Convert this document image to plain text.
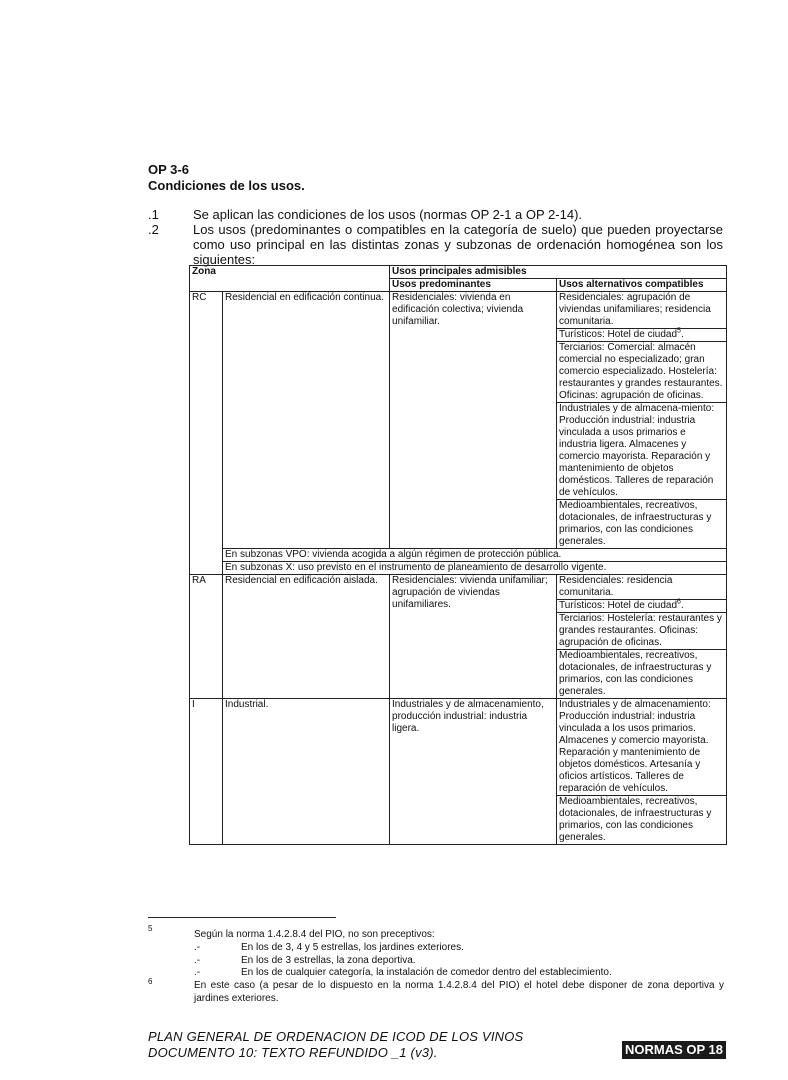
OP 3-6
Condiciones de los usos.
.1	Se aplican las condiciones de los usos (normas OP 2-1 a OP 2-14).
.2	Los usos (predominantes o compatibles en la categoría de suelo) que pueden proyectarse como uso principal en las distintas zonas y subzonas de ordenación homogénea son los siguientes:
Zona		Usos principales admisibles	
		Usos predominantes	Usos alternativos compatibles
RC	Residencial en edificación continua.	Residenciales: vivienda en edificación colectiva; vivienda unifamiliar.	Residenciales: agrupación de viviendas unifamiliares; residencia comunitaria.
			Turísticos: Hotel de ciudad$^5$.
			Terciarios: Comercial: almacén comercial no especializado; gran comercio especializado. Hostelería: restaurantes y grandes restaurantes. Oficinas: agrupación de oficinas.
			Industriales y de almacena-miento: Producción industrial: industria vinculada a usos primarios e industria ligera. Almacenes y comercio mayorista. Reparación y mantenimiento de objetos domésticos. Talleres de reparación de vehículos.
			Medioambientales, recreativos, dotacionales, de infraestructuras y primarios, con las condiciones generales.
	En subzonas VPO: vivienda acogida a algún régimen de protección pública.		
	En subzonas X: uso previsto en el instrumento de planeamiento de desarrollo vigente.		
RA	Residencial en edificación aislada.	Residenciales: vivienda unifamiliar; agrupación de viviendas unifamiliares.	Residenciales: residencia comunitaria.
			Turísticos: Hotel de ciudad$^6$.
			Terciarios: Hostelería: restaurantes y grandes restaurantes. Oficinas: agrupación de oficinas.
			Medioambientales, recreativos, dotacionales, de infraestructuras y primarios, con las condiciones generales.
I	Industrial.	Industriales y de almacenamiento, producción industrial: industria ligera.	Industriales y de almacenamiento: Producción industrial: industria vinculada a los usos primarios. Almacenes y comercio mayorista. Reparación y mantenimiento de objetos domésticos. Artesanía y oficios artísticos. Talleres de reparación de vehículos.
			Medioambientales, recreativos, dotacionales, de infraestructuras y primarios, con las condiciones generales.
5
Según la norma 1.4.2.8.4 del PIO, no son preceptivos:
.-	En los de 3, 4 y 5 estrellas, los jardines exteriores.
.-	En los de 3 estrellas, la zona deportiva.
.-	En los de cualquier categoría, la instalación de comedor dentro del establecimiento.
6	En este caso (a pesar de lo dispuesto en la norma 1.4.2.8.4 del PIO) el hotel debe disponer de zona deportiva y jardines exteriores.
PLAN GENERAL DE ORDENACION DE ICOD DE LOS VINOS
DOCUMENTO 10: TEXTO REFUNDIDO _1 (v3).	NORMAS OP 18
